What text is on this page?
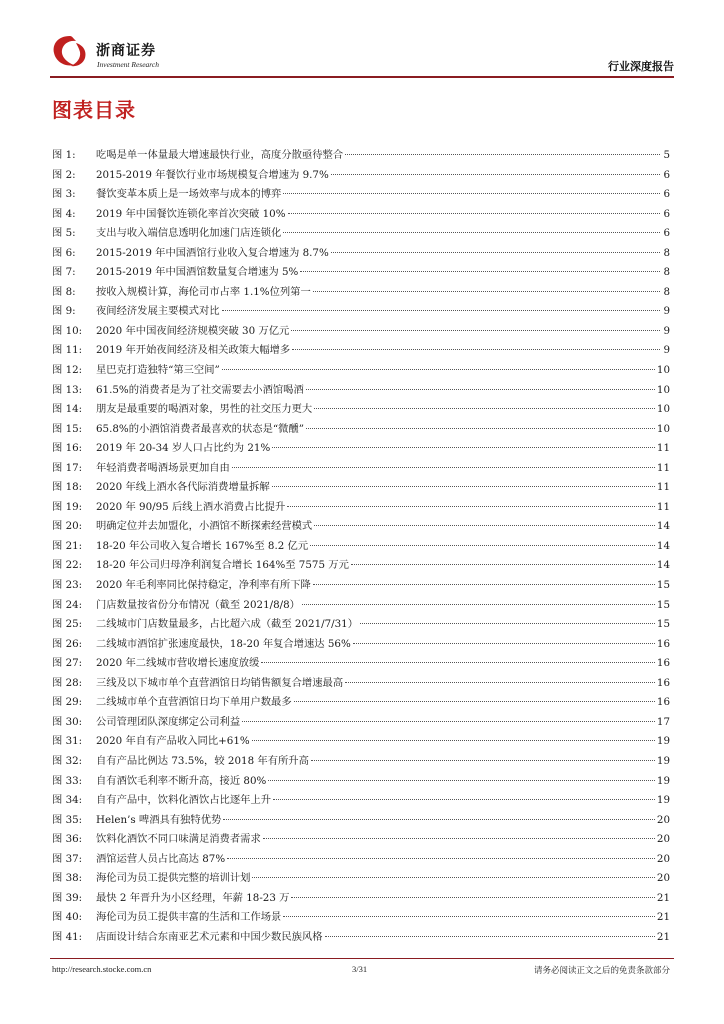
浙商证券
Investment Research	行业深度报告
图表目录
图 1:	吃喝是单一体量最大增速最快行业，高度分散亟待整合	5
图 2:	2015-2019 年餐饮行业市场规模复合增速为 9.7%	6
图 3:	餐饮变革本质上是一场效率与成本的博弈	6
图 4:	2019 年中国餐饮连锁化率首次突破 10%	6
图 5:	支出与收入端信息透明化加速门店连锁化	6
图 6:	2015-2019 年中国酒馆行业收入复合增速为 8.7%	8
图 7:	2015-2019 年中国酒馆数量复合增速为 5%	8
图 8:	按收入规模计算，海伦司市占率 1.1%位列第一	8
图 9:	夜间经济发展主要模式对比	9
图 10:	2020 年中国夜间经济规模突破 30 万亿元	9
图 11:	2019 年开始夜间经济及相关政策大幅增多	9
图 12:	星巴克打造独特“第三空间”	10
图 13:	61.5%的消费者是为了社交需要去小酒馆喝酒	10
图 14:	朋友是最重要的喝酒对象，男性的社交压力更大	10
图 15:	65.8%的小酒馆消费者最喜欢的状态是“微醺”	10
图 16:	2019 年 20-34 岁人口占比约为 21%	11
图 17:	年轻消费者喝酒场景更加自由	11
图 18:	2020 年线上酒水各代际消费增量拆解	11
图 19:	2020 年 90/95 后线上酒水消费占比提升	11
图 20:	明确定位并去加盟化，小酒馆不断探索经营模式	14
图 21:	18-20 年公司收入复合增长 167%至 8.2 亿元	14
图 22:	18-20 年公司归母净利润复合增长 164%至 7575 万元	14
图 23:	2020 年毛利率同比保持稳定，净利率有所下降	15
图 24:	门店数量按省份分布情况（截至 2021/8/8）	15
图 25:	二线城市门店数量最多，占比超六成（截至 2021/7/31）	15
图 26:	二线城市酒馆扩张速度最快，18-20 年复合增速达 56%	16
图 27:	2020 年二线城市营收增长速度放缓	16
图 28:	三线及以下城市单个直营酒馆日均销售额复合增速最高	16
图 29:	二线城市单个直营酒馆日均下单用户数最多	16
图 30:	公司管理团队深度绑定公司利益	17
图 31:	2020 年自有产品收入同比+61%	19
图 32:	自有产品比例达 73.5%，较 2018 年有所升高	19
图 33:	自有酒饮毛利率不断升高，接近 80%	19
图 34:	自有产品中，饮料化酒饮占比逐年上升	19
图 35:	Helen’s 啤酒具有独特优势	20
图 36:	饮料化酒饮不同口味满足消费者需求	20
图 37:	酒馆运营人员占比高达 87%	20
图 38:	海伦司为员工提供完整的培训计划	20
图 39:	最快 2 年晋升为小区经理，年薪 18-23 万	21
图 40:	海伦司为员工提供丰富的生活和工作场景	21
图 41:	店面设计结合东南亚艺术元素和中国少数民族风格	21
http://research.stocke.com.cn	3/31	请务必阅读正文之后的免责条款部分
